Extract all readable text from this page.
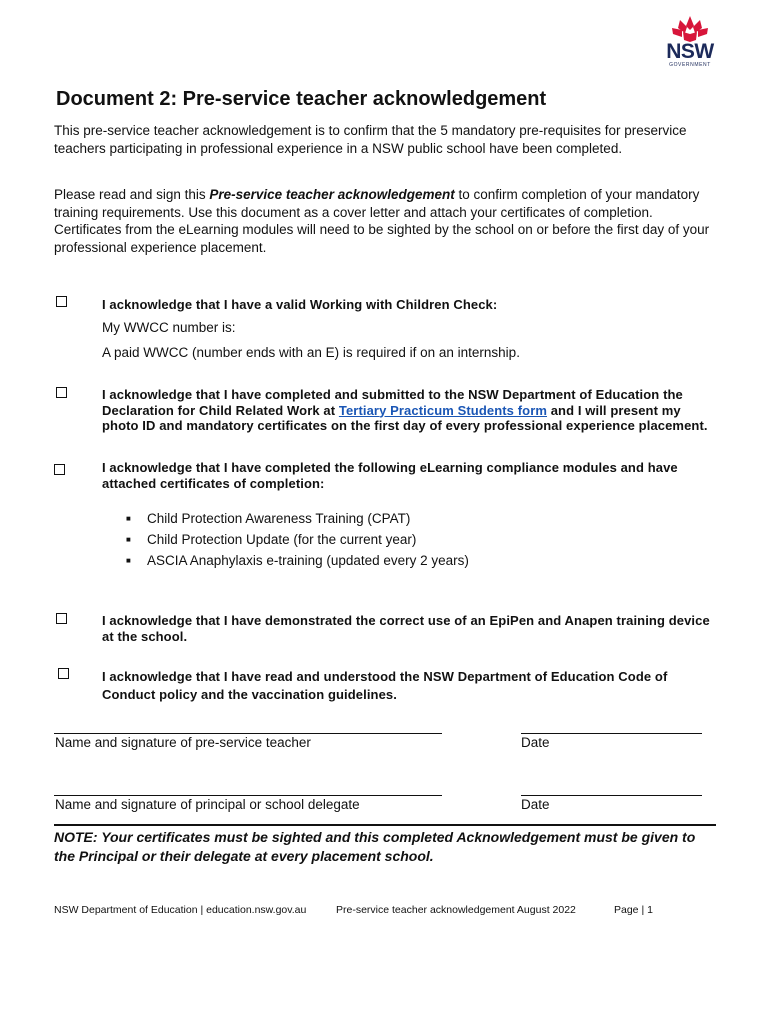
NSW
GOVERNMENT
Document 2: Pre-service teacher acknowledgement
This pre-service teacher acknowledgement is to confirm that the 5 mandatory pre-requisites for preservice teachers participating in professional experience in a NSW public school have been completed.
Please read and sign this Pre-service teacher acknowledgement to confirm completion of your mandatory training requirements. Use this document as a cover letter and attach your certificates of completion. Certificates from the eLearning modules will need to be sighted by the school on or before the first day of your professional experience placement.
I acknowledge that I have a valid Working with Children Check:
My WWCC number is:
A paid WWCC (number ends with an E) is required if on an internship.
I acknowledge that I have completed and submitted to the NSW Department of Education the Declaration for Child Related Work at Tertiary Practicum Students form and I will present my photo ID and mandatory certificates on the first day of every professional experience placement.
I acknowledge that I have completed the following eLearning compliance modules and have attached certificates of completion:
■	Child Protection Awareness Training (CPAT)
■	Child Protection Update (for the current year)
■	ASCIA Anaphylaxis e-training (updated every 2 years)
I acknowledge that I have demonstrated the correct use of an EpiPen and Anapen training device at the school.
I acknowledge that I have read and understood the NSW Department of Education Code of Conduct policy and the vaccination guidelines.
Name and signature of pre-service teacher	Date
Name and signature of principal or school delegate	Date
NOTE: Your certificates must be sighted and this completed Acknowledgement must be given to the Principal or their delegate at every placement school.
NSW Department of Education | education.nsw.gov.au	Pre-service teacher acknowledgement August 2022	Page | 1
